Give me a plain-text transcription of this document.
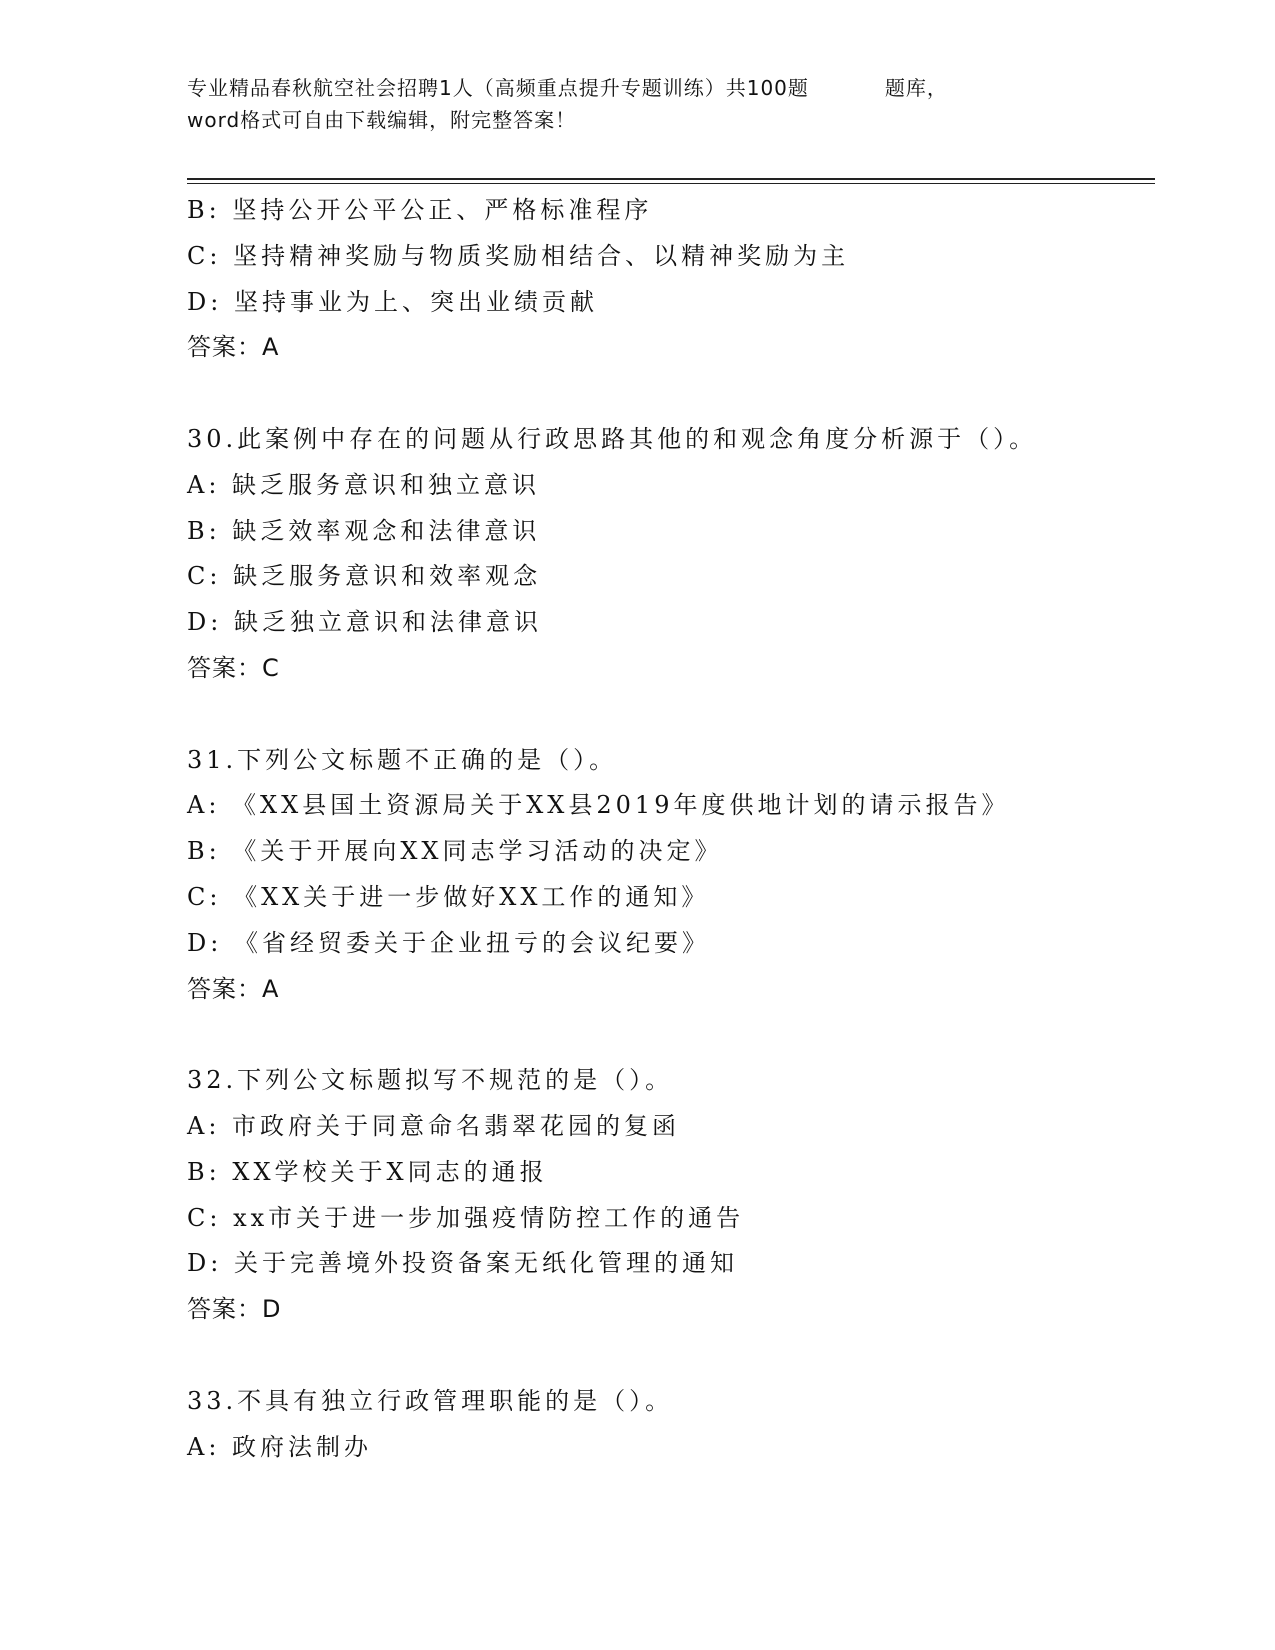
专业精品春秋航空社会招聘1人（高频重点提升专题训练）共100题	题库，
word格式可自由下载编辑，附完整答案！
B: 坚持公开公平公正、严格标准程序
C: 坚持精神奖励与物质奖励相结合、以精神奖励为主
D: 坚持事业为上、突出业绩贡献
答案：A
30.此案例中存在的问题从行政思路其他的和观念角度分析源于（）。
A: 缺乏服务意识和独立意识
B: 缺乏效率观念和法律意识
C: 缺乏服务意识和效率观念
D: 缺乏独立意识和法律意识
答案：C
31.下列公文标题不正确的是（）。
A: 《XX县国土资源局关于XX县2019年度供地计划的请示报告》
B: 《关于开展向XX同志学习活动的决定》
C: 《XX关于进一步做好XX工作的通知》
D: 《省经贸委关于企业扭亏的会议纪要》
答案：A
32.下列公文标题拟写不规范的是（）。
A: 市政府关于同意命名翡翠花园的复函
B: XX学校关于X同志的通报
C: xx市关于进一步加强疫情防控工作的通告
D: 关于完善境外投资备案无纸化管理的通知
答案：D
33.不具有独立行政管理职能的是（）。
A: 政府法制办
